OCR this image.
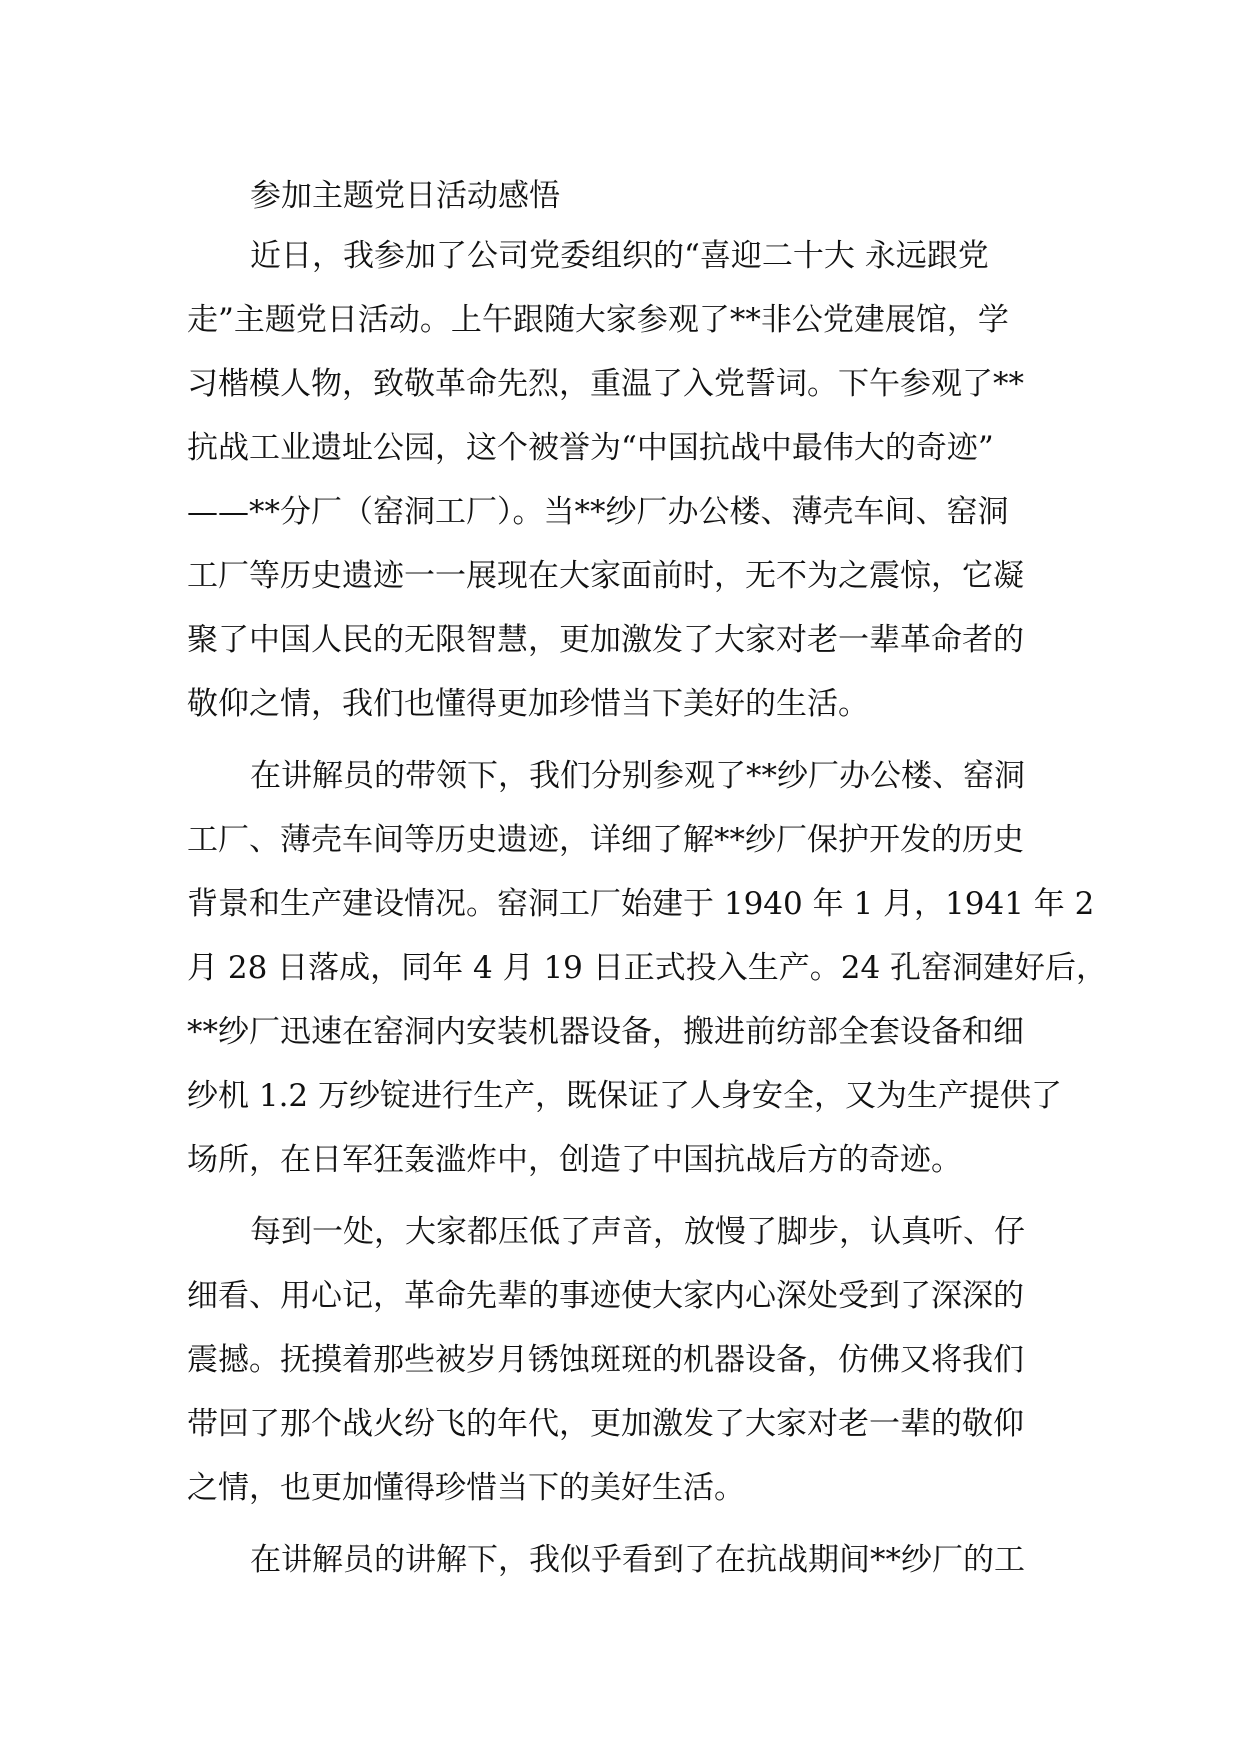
参加主题党日活动感悟
近日，我参加了公司党委组织的“喜迎二十大 永远跟党
走”主题党日活动。上午跟随大家参观了**非公党建展馆，学
习楷模人物，致敬革命先烈，重温了入党誓词。下午参观了**
抗战工业遗址公园，这个被誉为“中国抗战中最伟大的奇迹”
——**分厂（窑洞工厂）。当**纱厂办公楼、薄壳车间、窑洞
工厂等历史遗迹一一展现在大家面前时，无不为之震惊，它凝
聚了中国人民的无限智慧，更加激发了大家对老一辈革命者的
敬仰之情，我们也懂得更加珍惜当下美好的生活。
在讲解员的带领下，我们分别参观了**纱厂办公楼、窑洞
工厂、薄壳车间等历史遗迹，详细了解**纱厂保护开发的历史
背景和生产建设情况。窑洞工厂始建于 1940 年 1 月，1941 年 2
月 28 日落成，同年 4 月 19 日正式投入生产。24 孔窑洞建好后，
**纱厂迅速在窑洞内安装机器设备，搬进前纺部全套设备和细
纱机 1.2 万纱锭进行生产，既保证了人身安全，又为生产提供了
场所，在日军狂轰滥炸中，创造了中国抗战后方的奇迹。
每到一处，大家都压低了声音，放慢了脚步，认真听、仔
细看、用心记，革命先辈的事迹使大家内心深处受到了深深的
震撼。抚摸着那些被岁月锈蚀斑斑的机器设备，仿佛又将我们
带回了那个战火纷飞的年代，更加激发了大家对老一辈的敬仰
之情，也更加懂得珍惜当下的美好生活。
在讲解员的讲解下，我似乎看到了在抗战期间**纱厂的工
